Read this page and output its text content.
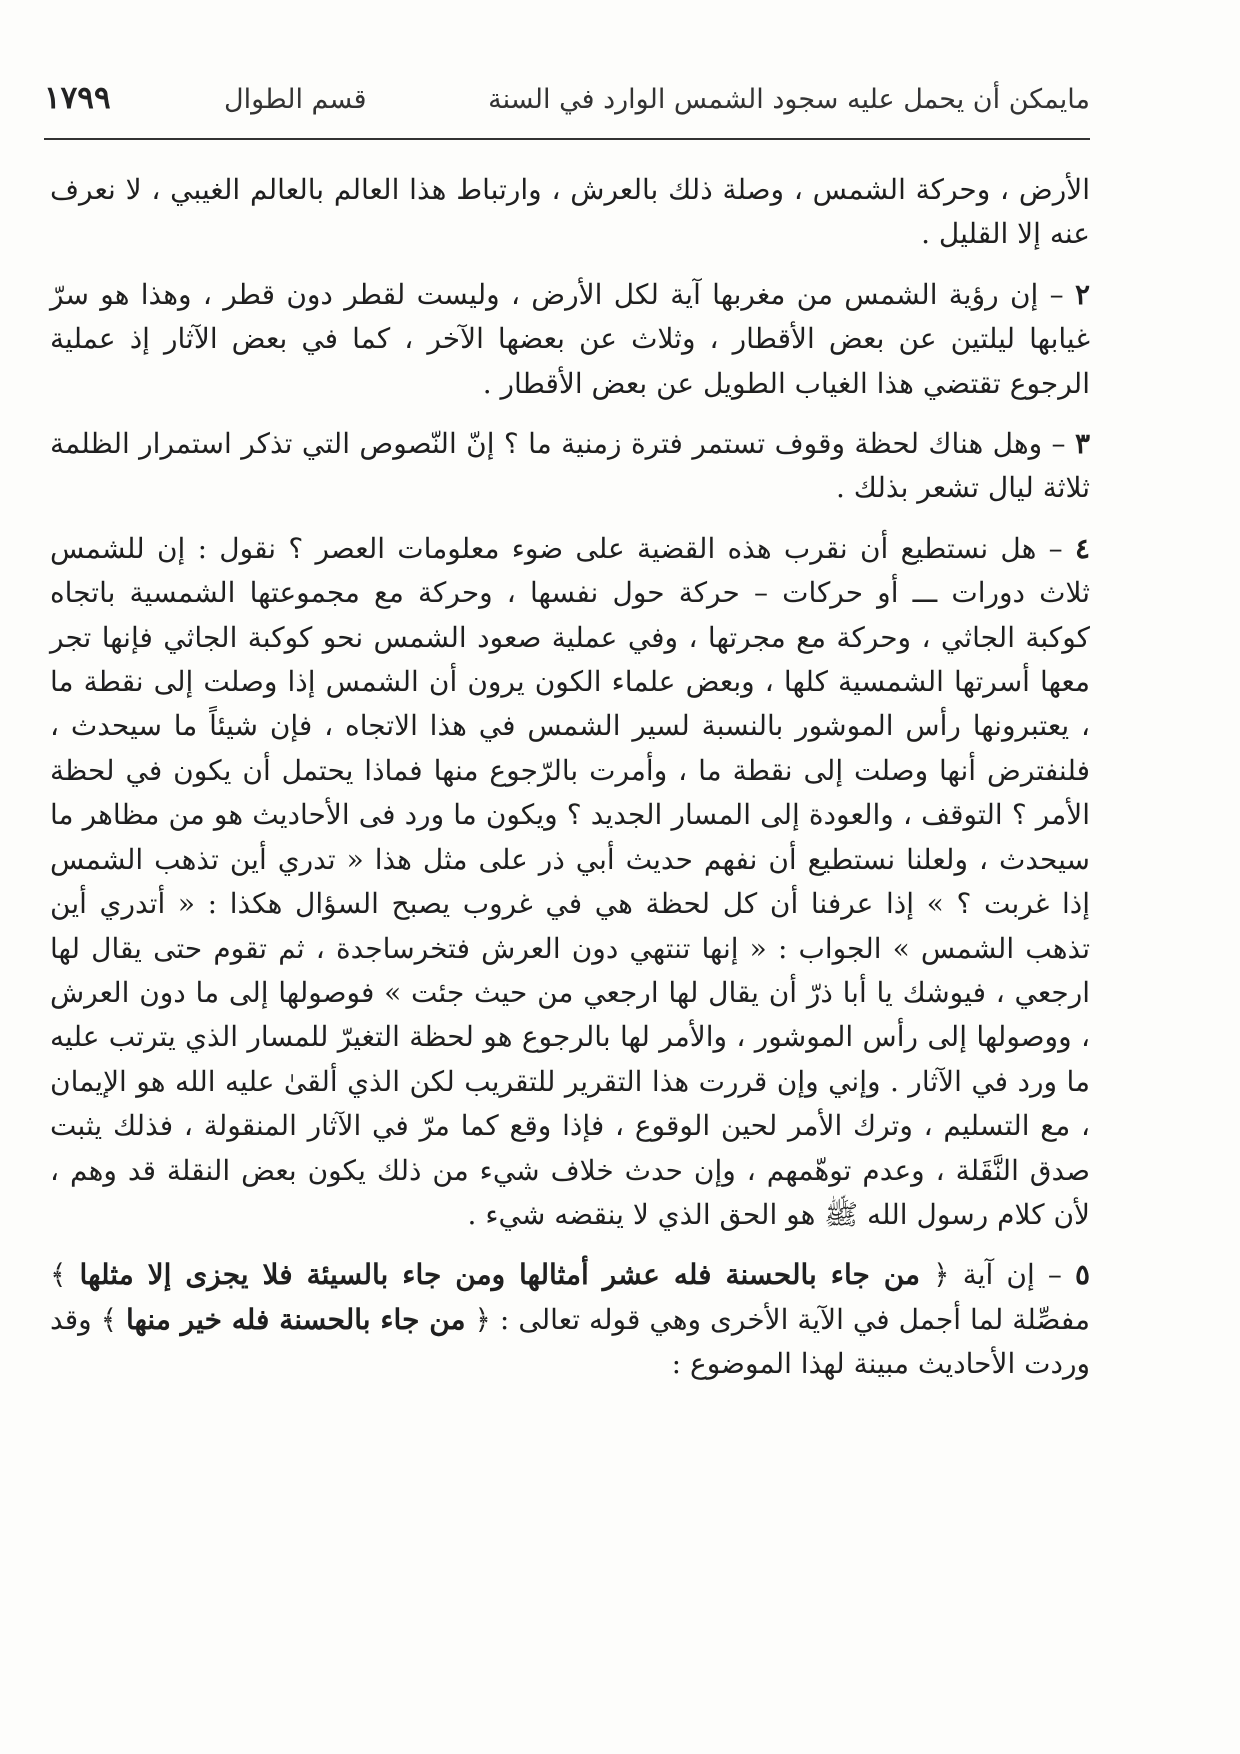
مايمكن أن يحمل عليه سجود الشمس الوارد في السنة
قسم الطوال
١٧٩٩

الأرض ، وحركة الشمس ، وصلة ذلك بالعرش ، وارتباط هذا العالم بالعالم الغيبي ، لا نعرف عنه إلا القليل .

٢ – إن رؤية الشمس من مغربها آية لكل الأرض ، وليست لقطر دون قطر ، وهذا هو سرّ غيابها ليلتين عن بعض الأقطار ، وثلاث عن بعضها الآخر ، كما في بعض الآثار إذ عملية الرجوع تقتضي هذا الغياب الطويل عن بعض الأقطار .

٣ – وهل هناك لحظة وقوف تستمر فترة زمنية ما ؟ إنّ النّصوص التي تذكر استمرار الظلمة ثلاثة ليال تشعر بذلك .

٤ – هل نستطيع أن نقرب هذه القضية على ضوء معلومات العصر ؟ نقول : إن للشمس ثلاث دورات ـــ أو حركات – حركة حول نفسها ، وحركة مع مجموعتها الشمسية باتجاه كوكبة الجاثي ، وحركة مع مجرتها ، وفي عملية صعود الشمس نحو كوكبة الجاثي فإنها تجر معها أسرتها الشمسية كلها ، وبعض علماء الكون يرون أن الشمس إذا وصلت إلى نقطة ما ، يعتبرونها رأس الموشور بالنسبة لسير الشمس في هذا الاتجاه ، فإن شيئاً ما سيحدث ، فلنفترض أنها وصلت إلى نقطة ما ، وأمرت بالرّجوع منها فماذا يحتمل أن يكون في لحظة الأمر ؟ التوقف ، والعودة إلى المسار الجديد ؟ ويكون ما ورد فى الأحاديث هو من مظاهر ما سيحدث ، ولعلنا نستطيع أن نفهم حديث أبي ذر على مثل هذا « تدري أين تذهب الشمس إذا غربت ؟ » إذا عرفنا أن كل لحظة هي في غروب يصبح السؤال هكذا : « أتدري أين تذهب الشمس » الجواب : « إنها تنتهي دون العرش فتخرساجدة ، ثم تقوم حتى يقال لها ارجعي ، فيوشك يا أبا ذرّ أن يقال لها ارجعي من حيث جئت » فوصولها إلى ما دون العرش ، ووصولها إلى رأس الموشور ، والأمر لها بالرجوع هو لحظة التغيرّ للمسار الذي يترتب عليه ما ورد في الآثار . وإني وإن قررت هذا التقرير للتقريب لكن الذي ألقىٰ عليه الله هو الإيمان ، مع التسليم ، وترك الأمر لحين الوقوع ، فإذا وقع كما مرّ في الآثار المنقولة ، فذلك يثبت صدق النَّقَلة ، وعدم توهّمهم ، وإن حدث خلاف شيء من ذلك يكون بعض النقلة قد وهم ، لأن كلام رسول الله ﷺ هو الحق الذي لا ينقضه شيء .

٥ – إن آية ﴿ من جاء بالحسنة فله عشر أمثالها ومن جاء بالسيئة فلا يجزى إلا مثلها ﴾ مفصِّلة لما أجمل في الآية الأخرى وهي قوله تعالى : ﴿ من جاء بالحسنة فله خير منها ﴾ وقد وردت الأحاديث مبينة لهذا الموضوع :
